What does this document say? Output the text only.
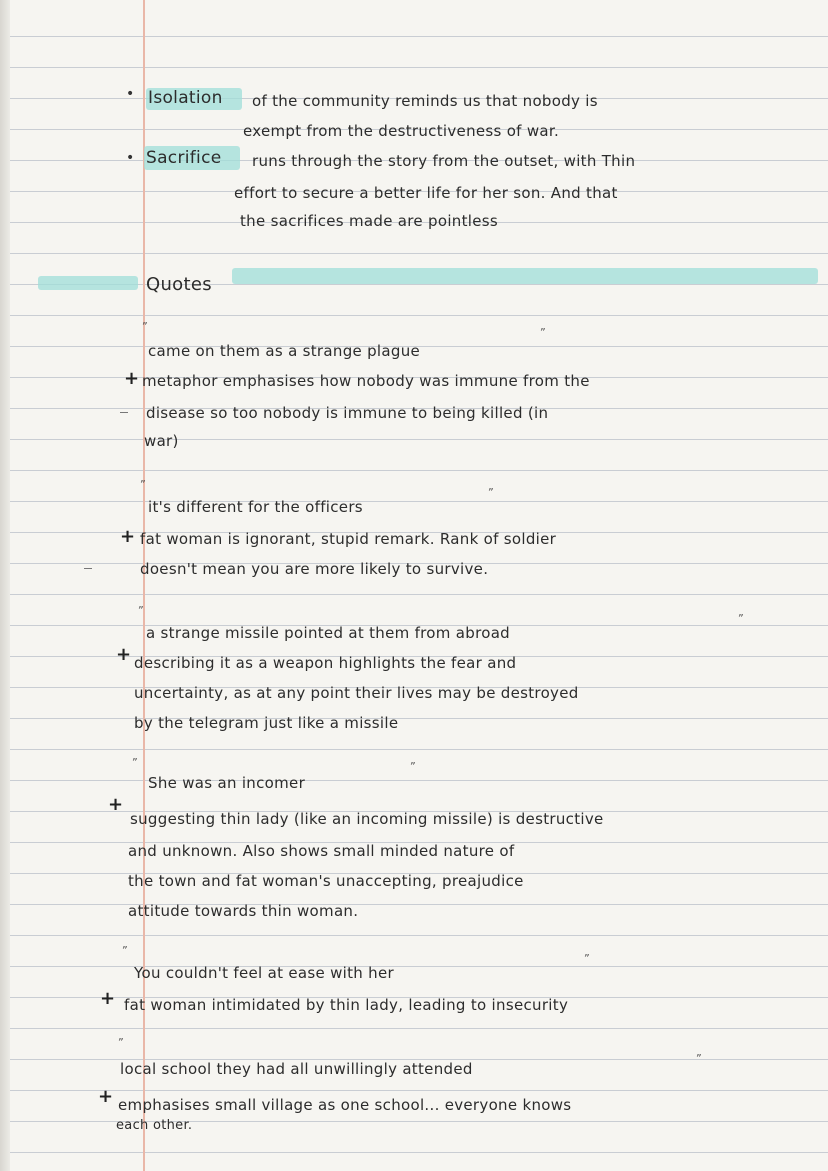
• Isolation of the community reminds us that nobody is
exempt from the destructiveness of war.
• Sacrifice runs through the story from the outset, with Thin
effort to secure a better life for her son. And that
the sacrifices made are pointless
Quotes
”
came on them as a strange plague
”
+ metaphor emphasises how nobody was immune from the
disease so too nobody is immune to being killed (in
war)
”
it's different for the officers
”
+ fat woman is ignorant, stupid remark. Rank of soldier
doesn't mean you are more likely to survive.
”
a strange missile pointed at them from abroad
”
+ describing it as a weapon highlights the fear and
uncertainty, as at any point their lives may be destroyed
by the telegram just like a missile
”
She was an incomer
”
+
suggesting thin lady (like an incoming missile) is destructive
and unknown. Also shows small minded nature of
the town and fat woman's unaccepting, preajudice
attitude towards thin woman.
”
You couldn't feel at ease with her
”
+ fat woman intimidated by thin lady, leading to insecurity
”
local school they had all unwillingly attended
”
+ emphasises small village as one school... everyone knows
each other.
